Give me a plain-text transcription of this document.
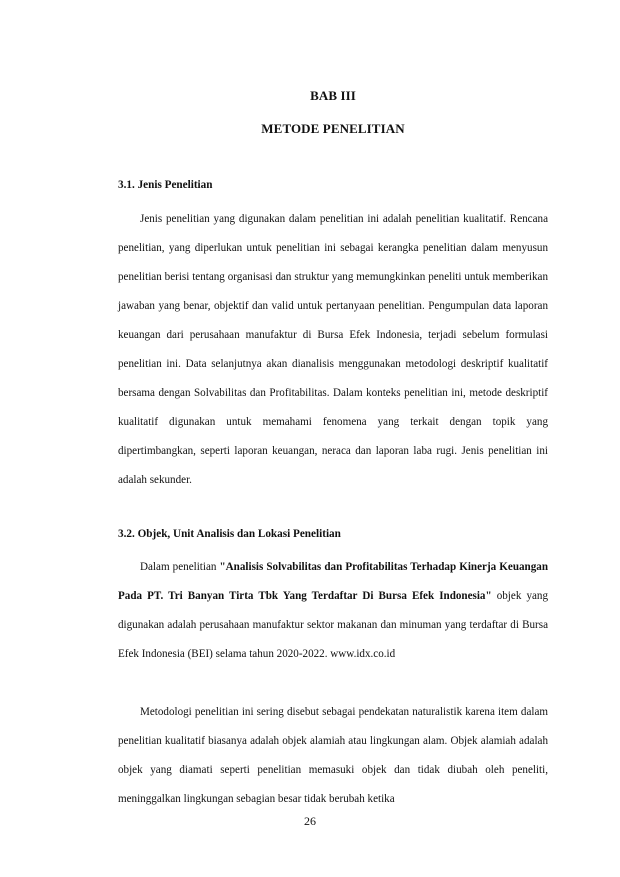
BAB III
METODE PENELITIAN
3.1. Jenis Penelitian

Jenis penelitian yang digunakan dalam penelitian ini adalah penelitian kualitatif. Rencana penelitian, yang diperlukan untuk penelitian ini sebagai kerangka penelitian dalam menyusun penelitian berisi tentang organisasi dan struktur yang memungkinkan peneliti untuk memberikan jawaban yang benar, objektif dan valid untuk pertanyaan penelitian. Pengumpulan data laporan keuangan dari perusahaan manufaktur di Bursa Efek Indonesia, terjadi sebelum formulasi penelitian ini. Data selanjutnya akan dianalisis menggunakan metodologi deskriptif kualitatif bersama dengan Solvabilitas dan Profitabilitas. Dalam konteks penelitian ini, metode deskriptif kualitatif digunakan untuk memahami fenomena yang terkait dengan topik yang dipertimbangkan, seperti laporan keuangan, neraca dan laporan laba rugi. Jenis penelitian ini adalah sekunder.

3.2. Objek, Unit Analisis dan Lokasi Penelitian

Dalam penelitian "Analisis Solvabilitas dan Profitabilitas Terhadap Kinerja Keuangan Pada PT. Tri Banyan Tirta Tbk Yang Terdaftar Di Bursa Efek Indonesia" objek yang digunakan adalah perusahaan manufaktur sektor makanan dan minuman yang terdaftar di Bursa Efek Indonesia (BEI) selama tahun 2020-2022. www.idx.co.id

Metodologi penelitian ini sering disebut sebagai pendekatan naturalistik karena item dalam penelitian kualitatif biasanya adalah objek alamiah atau lingkungan alam. Objek alamiah adalah objek yang diamati seperti penelitian memasuki objek dan tidak diubah oleh peneliti, meninggalkan lingkungan sebagian besar tidak berubah ketika

26
